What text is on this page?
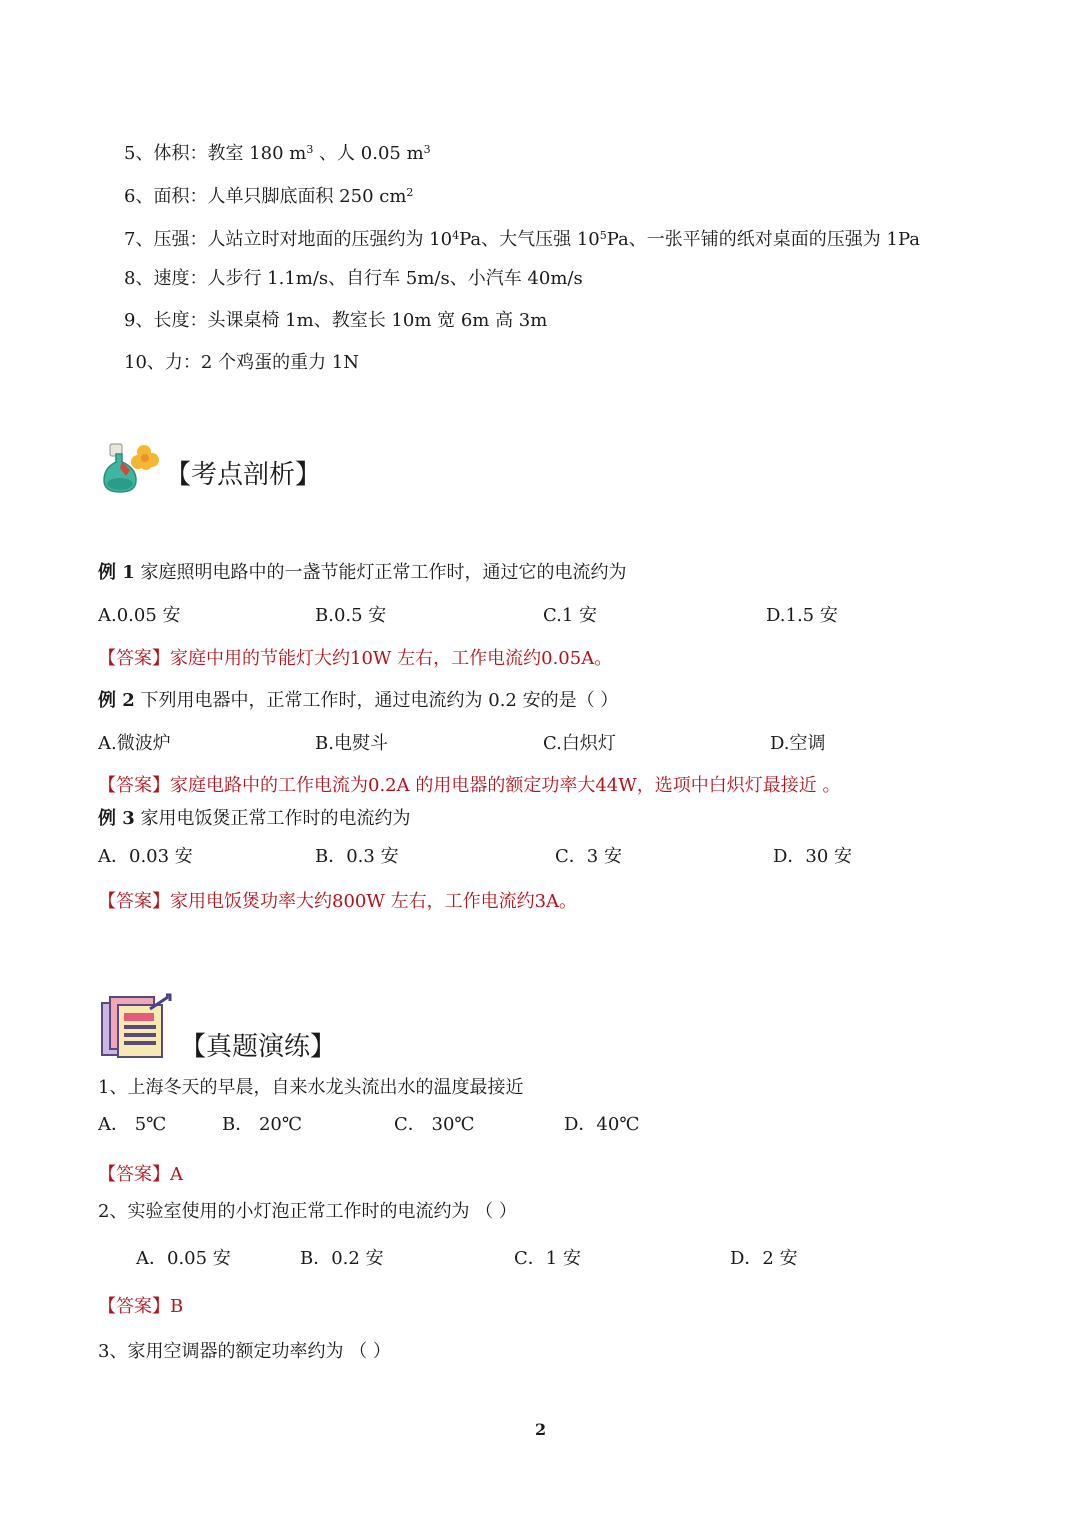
5、体积：教室 180 $m^3$ 、人 0.05 $m^3$
6、面积：人单只脚底面积 250 $cm^2$
7、压强：人站立时对地面的压强约为 $10^4Pa$、大气压强 $10^5Pa$、一张平铺的纸对桌面的压强为 1Pa
8、速度：人步行 1.1m/s、自行车 5m/s、小汽车 40m/s
9、长度：头课桌椅 1m、教室长 10m 宽 6m 高 3m
10、力：2 个鸡蛋的重力 1N
【考点剖析】
例 1 家庭照明电路中的一盏节能灯正常工作时，通过它的电流约为
A.0.05 安	B.0.5 安	C.1 安	D.1.5 安
【答案】家庭中用的节能灯大约10W 左右，工作电流约0.05A。
例 2 下列用电器中，正常工作时，通过电流约为 0.2 安的是（ ）
A.微波炉	B.电熨斗	C.白炽灯	D.空调
【答案】家庭电路中的工作电流为0.2A 的用电器的额定功率大44W，选项中白炽灯最接近 。
例 3 家用电饭煲正常工作时的电流约为
A．0.03 安	B．0.3 安	C．3 安	D．30 安
【答案】家用电饭煲功率大约800W 左右，工作电流约3A。
【真题演练】
1、上海冬天的早晨，自来水龙头流出水的温度最接近
A． 5℃	B． 20℃	C． 30℃	D．40℃
【答案】A
2、实验室使用的小灯泡正常工作时的电流约为 （ ）
A．0.05 安	B．0.2 安	C．1 安	D．2 安
【答案】B
3、家用空调器的额定功率约为 （ ）
2
